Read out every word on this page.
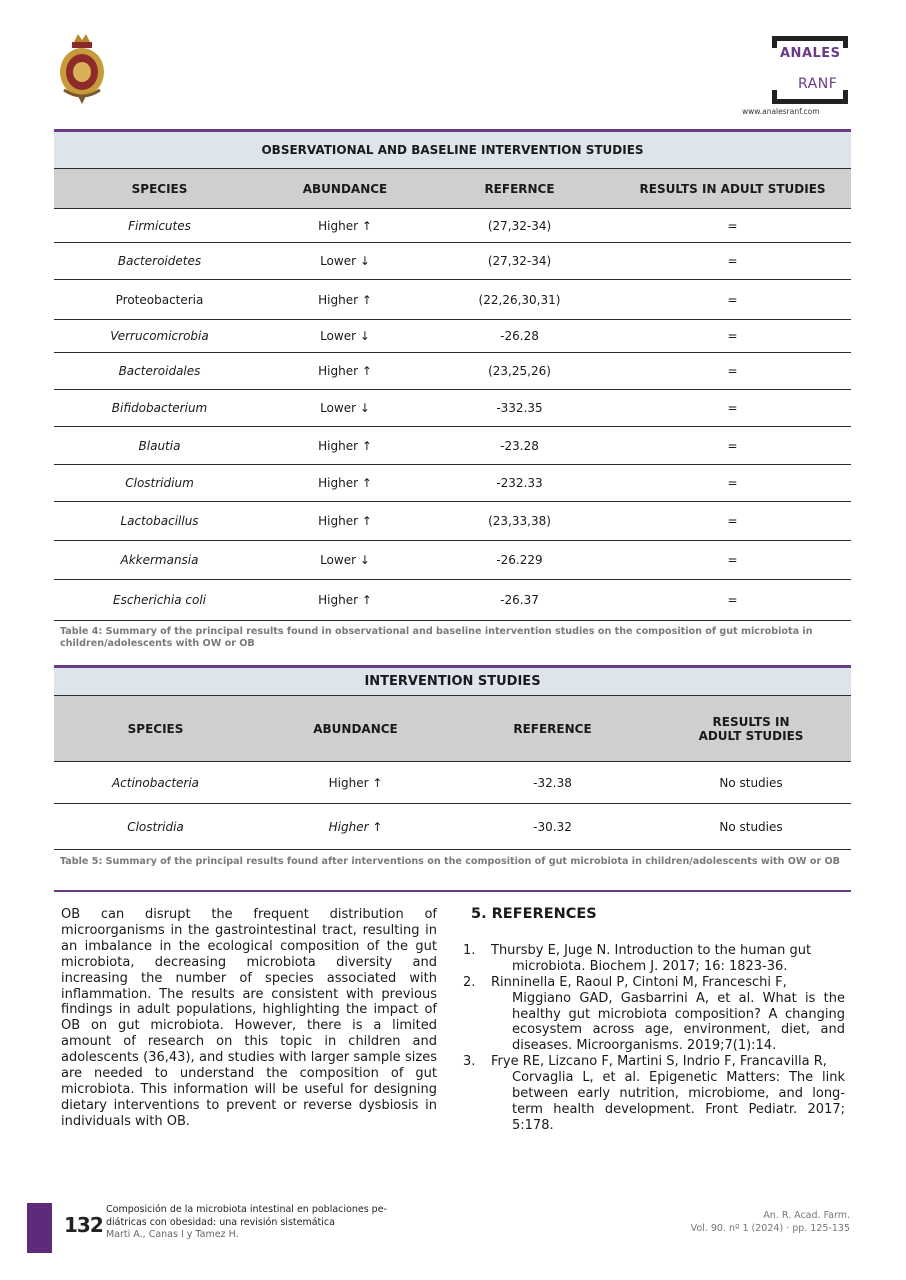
ANALES
RANF
www.analesranf.com
OBSERVATIONAL AND BASELINE INTERVENTION STUDIES			
SPECIES	ABUNDANCE	REFERNCE	RESULTS IN ADULT STUDIES
Firmicutes	Higher ↑	(27,32-34)	=
Bacteroidetes	Lower ↓	(27,32-34)	=
Proteobacteria	Higher ↑	(22,26,30,31)	=
Verrucomicrobia	Lower ↓	-26.28	=
Bacteroidales	Higher ↑	(23,25,26)	=
Bifidobacterium	Lower ↓	-332.35	=
Blautia	Higher ↑	-23.28	=
Clostridium	Higher ↑	-232.33	=
Lactobacillus	Higher ↑	(23,33,38)	=
Akkermansia	Lower ↓	-26.229	=
Escherichia coli	Higher ↑	-26.37	=
Table 4: Summary of the principal results found in observational and baseline intervention studies on the composition of gut microbiota in children/adolescents with OW or OB
INTERVENTION STUDIES			
SPECIES	ABUNDANCE	REFERENCE	RESULTS IN
ADULT STUDIES
Actinobacteria	Higher ↑	-32.38	No studies
Clostridia	Higher ↑	-30.32	No studies
Table 5: Summary of the principal results found after interventions on the composition of gut microbiota in children/adolescents with OW or OB
OB can disrupt the frequent distribution of microorganisms in the gastrointestinal tract, resulting in an imbalance in the ecological composition of the gut microbiota, decreasing microbiota diversity and increasing the number of species associated with inflammation. The results are consistent with previous findings in adult populations, highlighting the impact of OB on gut microbiota. However, there is a limited amount of research on this topic in children and adolescents (36,43), and studies with larger sample sizes are needed to understand the composition of gut microbiota. This information will be useful for designing dietary interventions to prevent or reverse dysbiosis in individuals with OB.
5. REFERENCES
1.	Thursby E, Juge N. Introduction to the human gut
microbiota. Biochem J. 2017; 16: 1823-36.
2.	Rinninella E, Raoul P, Cintoni M, Franceschi F,
Miggiano GAD, Gasbarrini A, et al. What is the healthy gut microbiota composition? A changing ecosystem across age, environment, diet, and diseases. Microorganisms. 2019;7(1):14.
3.	Frye RE, Lizcano F, Martini S, Indrio F, Francavilla R,
Corvaglia L, et al. Epigenetic Matters: The link between early nutrition, microbiome, and long-term health development. Front Pediatr. 2017; 5:178.
132
Composición de la microbiota intestinal en poblaciones pe-
diátricas con obesidad: una revisión sistemática
Marti A., Canas I y Tamez H.
An. R. Acad. Farm.
Vol. 90. nº 1 (2024) · pp. 125-135
